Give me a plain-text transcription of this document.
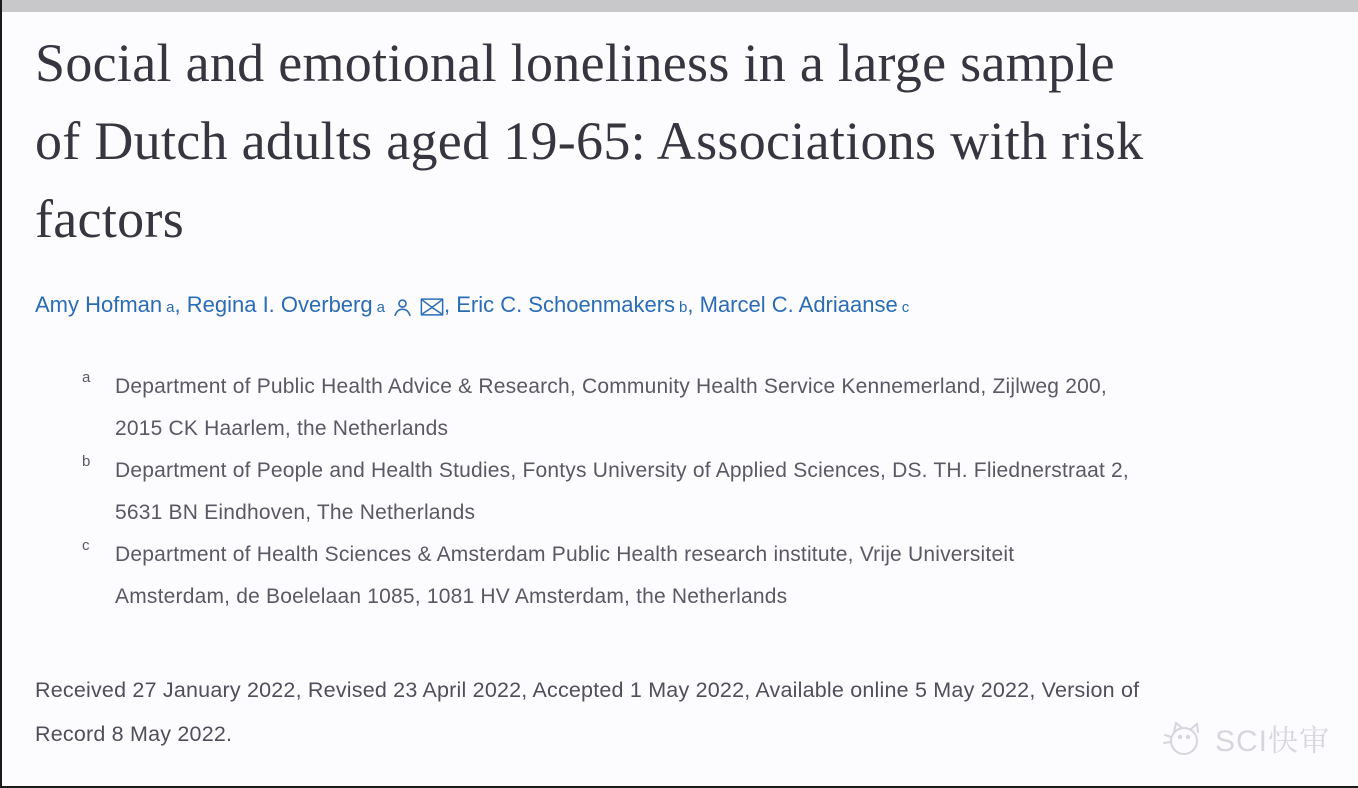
Social and emotional loneliness in a large sample
of Dutch adults aged 19-65: Associations with risk
factors
Amy Hofman a , Regina I. Overberg a	, Eric C. Schoenmakers b , Marcel C. Adriaanse c
a	Department of Public Health Advice & Research, Community Health Service Kennemerland, Zijlweg 200,
2015 CK Haarlem, the Netherlands
b	Department of People and Health Studies, Fontys University of Applied Sciences, DS. TH. Fliednerstraat 2,
5631 BN Eindhoven, The Netherlands
c	Department of Health Sciences & Amsterdam Public Health research institute, Vrije Universiteit
Amsterdam, de Boelelaan 1085, 1081 HV Amsterdam, the Netherlands
Received 27 January 2022, Revised 23 April 2022, Accepted 1 May 2022, Available online 5 May 2022, Version of
Record 8 May 2022.	SCI快审
